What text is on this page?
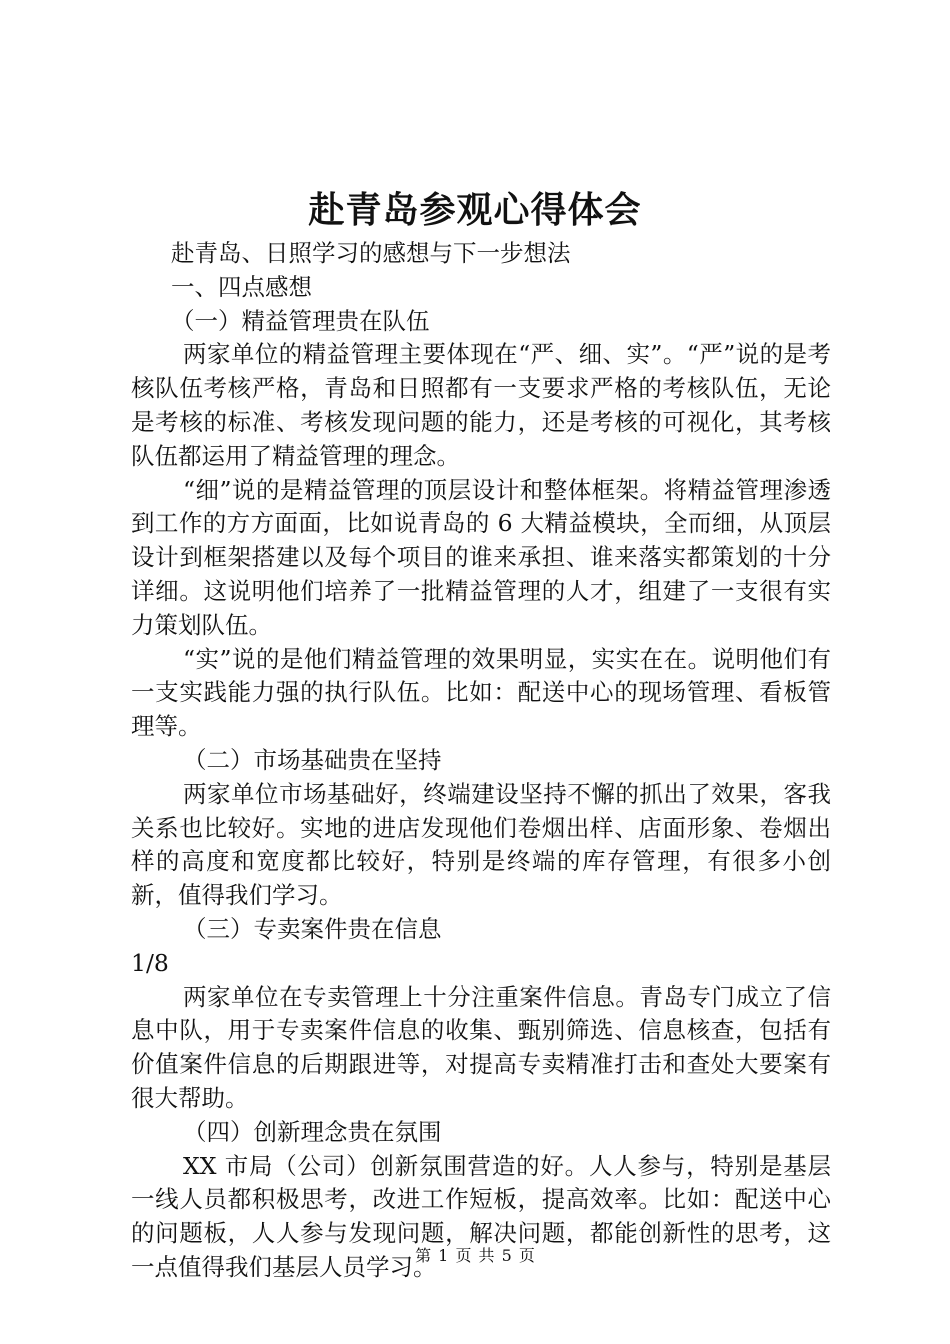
赴青岛参观心得体会

赴青岛、日照学习的感想与下一步想法

一、四点感想

（一）精益管理贵在队伍

两家单位的精益管理主要体现在“严、细、实”。“严”说的是考核队伍考核严格，青岛和日照都有一支要求严格的考核队伍，无论是考核的标准、考核发现问题的能力，还是考核的可视化，其考核队伍都运用了精益管理的理念。

“细”说的是精益管理的顶层设计和整体框架。将精益管理渗透到工作的方方面面，比如说青岛的 6 大精益模块，全而细，从顶层设计到框架搭建以及每个项目的谁来承担、谁来落实都策划的十分详细。这说明他们培养了一批精益管理的人才，组建了一支很有实力策划队伍。

“实”说的是他们精益管理的效果明显，实实在在。说明他们有一支实践能力强的执行队伍。比如：配送中心的现场管理、看板管理等。

（二）市场基础贵在坚持

两家单位市场基础好，终端建设坚持不懈的抓出了效果，客我关系也比较好。实地的进店发现他们卷烟出样、店面形象、卷烟出样的高度和宽度都比较好，特别是终端的库存管理，有很多小创新，值得我们学习。

（三）专卖案件贵在信息

1/8

两家单位在专卖管理上十分注重案件信息。青岛专门成立了信息中队，用于专卖案件信息的收集、甄别筛选、信息核查，包括有价值案件信息的后期跟进等，对提高专卖精准打击和查处大要案有很大帮助。

（四）创新理念贵在氛围

XX 市局（公司）创新氛围营造的好。人人参与，特别是基层一线人员都积极思考，改进工作短板，提高效率。比如：配送中心的问题板，人人参与发现问题，解决问题，都能创新性的思考，这一点值得我们基层人员学习。

第 1 页 共 5 页
